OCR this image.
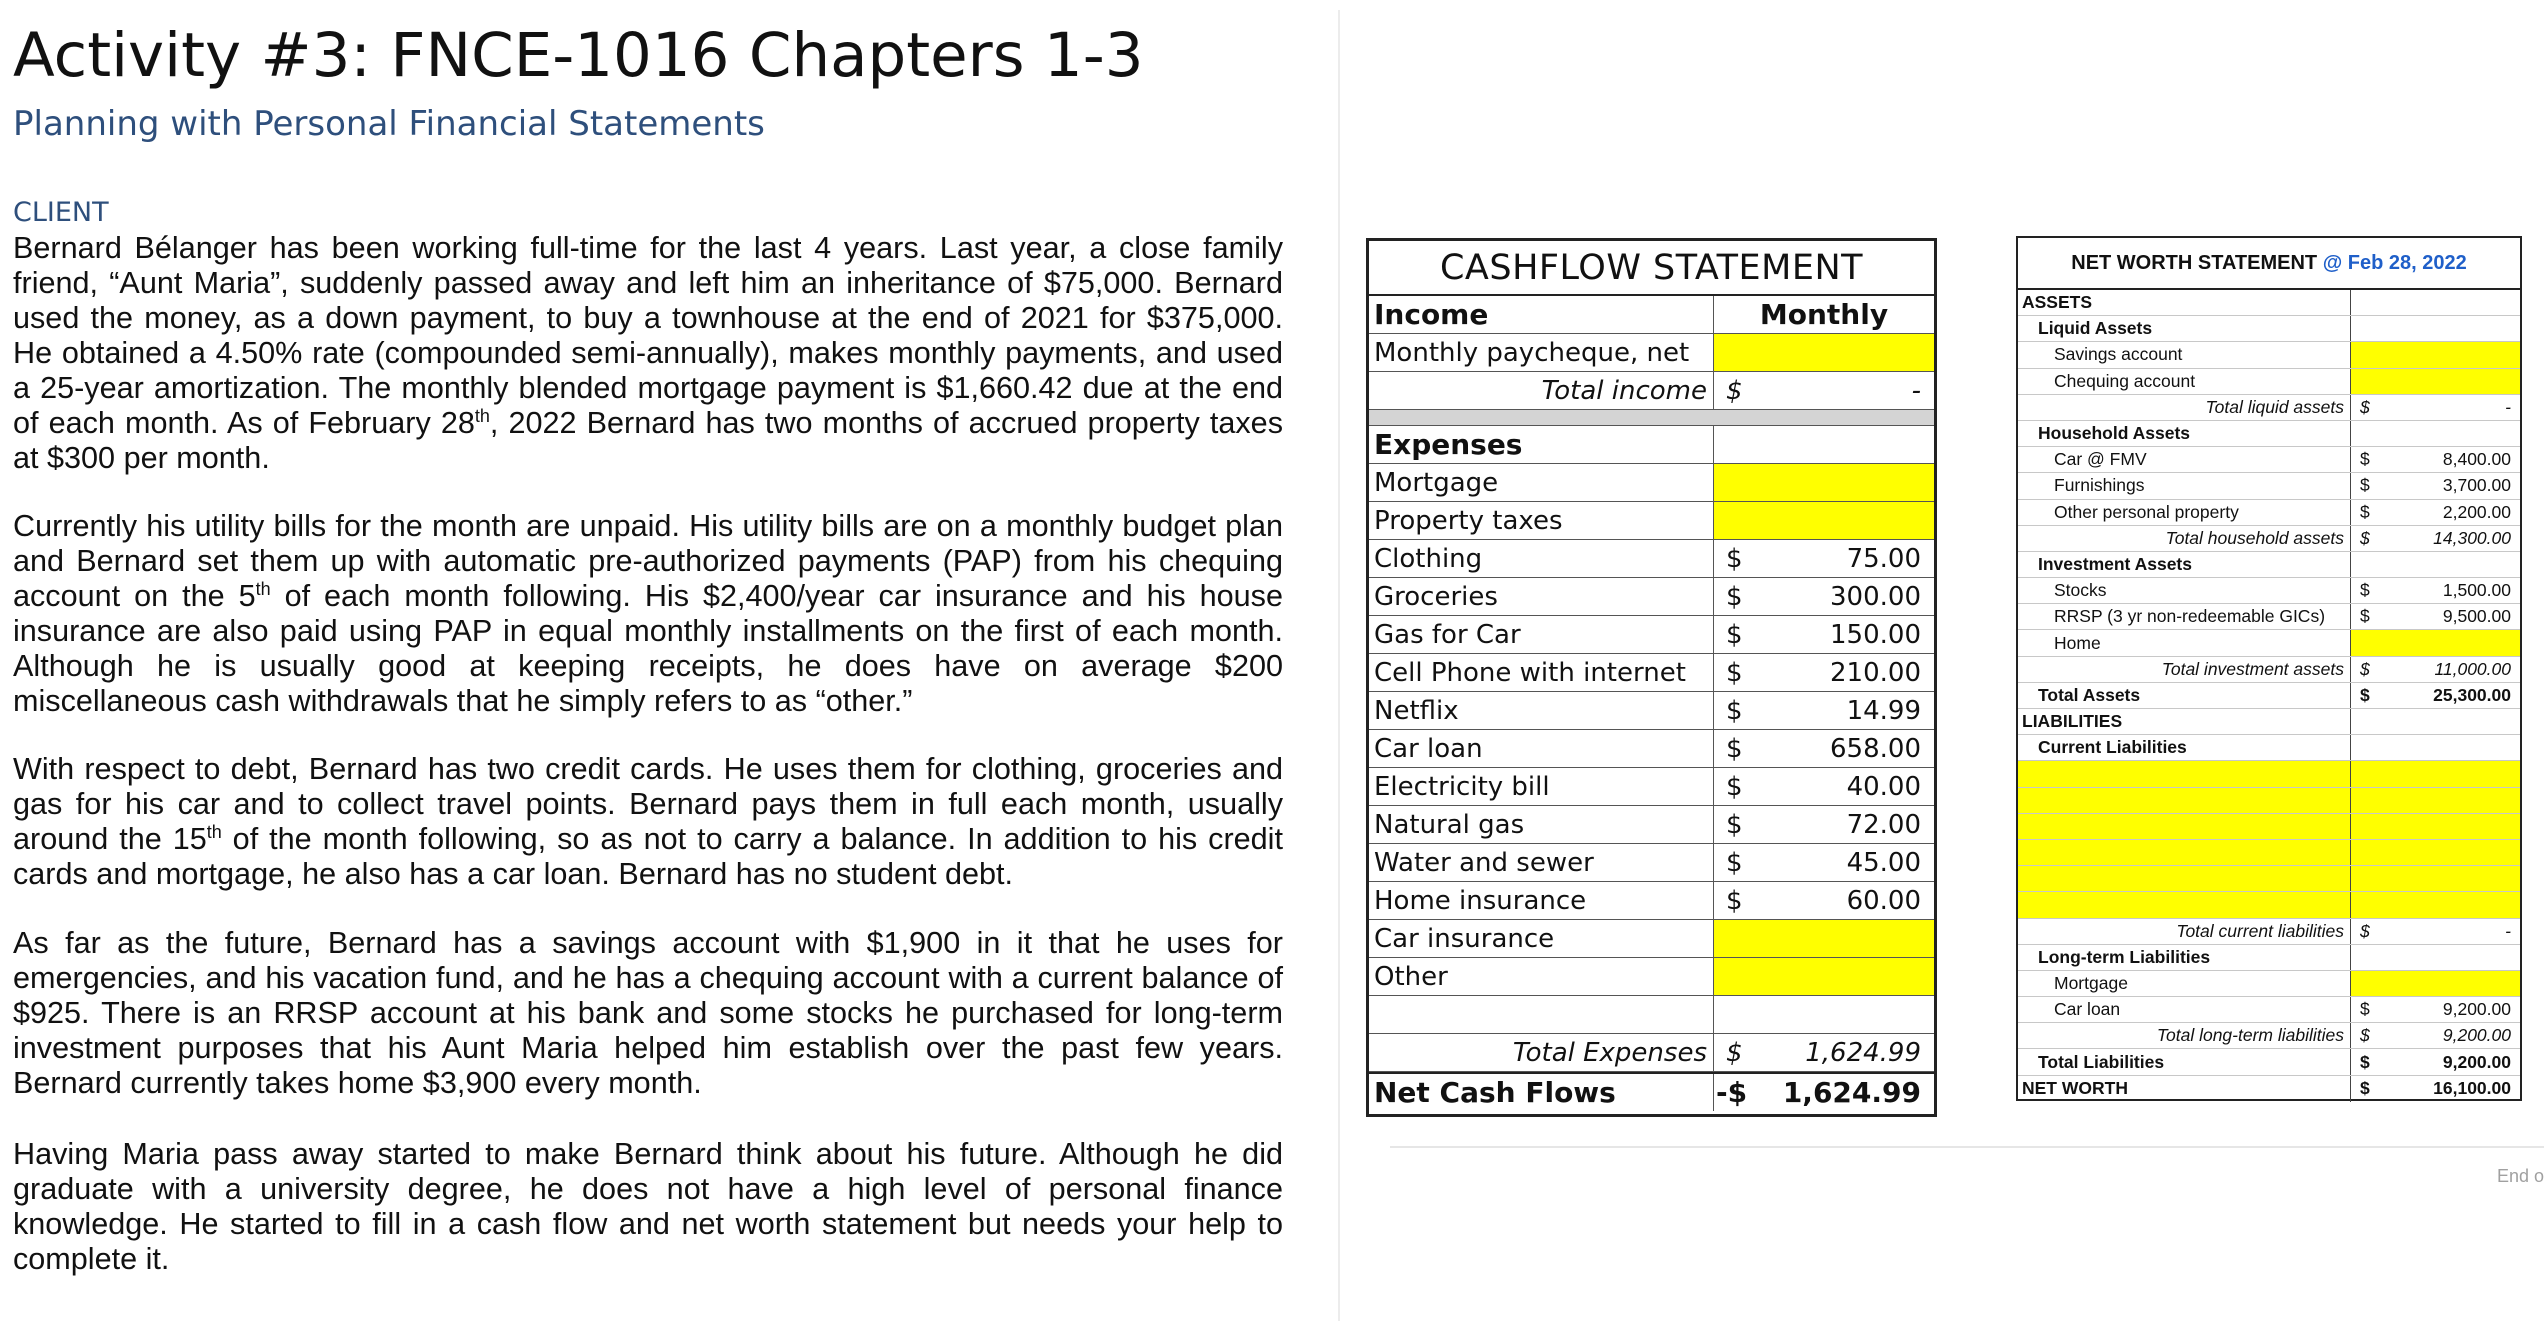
Activity #3: FNCE-1016 Chapters 1-3
Planning with Personal Financial Statements
CLIENT

Bernard Bélanger has been working full-time for the last 4 years. Last year, a close family friend, “Aunt Maria”, suddenly passed away and left him an inheritance of $75,000. Bernard used the money, as a down payment, to buy a townhouse at the end of 2021 for $375,000. He obtained a 4.50% rate (compounded semi-annually), makes monthly payments, and used a 25-year amortization. The monthly blended mortgage payment is $1,660.42 due at the end of each month. As of February 28th, 2022 Bernard has two months of accrued property taxes at $300 per month.

Currently his utility bills for the month are unpaid. His utility bills are on a monthly budget plan and Bernard set them up with automatic pre-authorized payments (PAP) from his chequing account on the 5th of each month following. His $2,400/year car insurance and his house insurance are also paid using PAP in equal monthly installments on the first of each month. Although he is usually good at keeping receipts, he does have on average $200 miscellaneous cash withdrawals that he simply refers to as “other.”

With respect to debt, Bernard has two credit cards. He uses them for clothing, groceries and gas for his car and to collect travel points. Bernard pays them in full each month, usually around the 15th of the month following, so as not to carry a balance. In addition to his credit cards and mortgage, he also has a car loan. Bernard has no student debt.

As far as the future, Bernard has a savings account with $1,900 in it that he uses for emergencies, and his vacation fund, and he has a chequing account with a current balance of $925. There is an RRSP account at his bank and some stocks he purchased for long-term investment purposes that his Aunt Maria helped him establish over the past few years. Bernard currently takes home $3,900 every month.

Having Maria pass away started to make Bernard think about his future. Although he did graduate with a university degree, he does not have a high level of personal finance knowledge. He started to fill in a cash flow and net worth statement but needs your help to complete it.

CASHFLOW STATEMENT
Income	Monthly
Monthly paycheque, net
Total income $	-
Expenses
Mortgage
Property taxes
Clothing	$	75.00
Groceries	$	300.00
Gas for Car	$	150.00
Cell Phone with internet	$	210.00
Netflix	$	14.99
Car loan	$	658.00
Electricity bill	$	40.00
Natural gas	$	72.00
Water and sewer	$	45.00
Home insurance	$	60.00
Car insurance
Other
Total Expenses $	1,624.99
Net Cash Flows	-$	1,624.99
NET WORTH STATEMENT @ Feb 28, 2022
ASSETS
Liquid Assets
Savings account
Chequing account
Total liquid assets $	-
Household Assets
Car @ FMV	$	8,400.00
Furnishings	$	3,700.00
Other personal property	$	2,200.00
Total household assets $	14,300.00
Investment Assets
Stocks	$	1,500.00
RRSP (3 yr non-redeemable GICs)	$	9,500.00
Home
Total investment assets $	11,000.00
Total Assets	$	25,300.00
LIABILITIES
Current Liabilities
Total current liabilities $	-
Long-term Liabilities
Mortgage
Car loan	$	9,200.00
Total long-term liabilities $	9,200.00
Total Liabilities	$	9,200.00
NET WORTH	$	16,100.00
End o
